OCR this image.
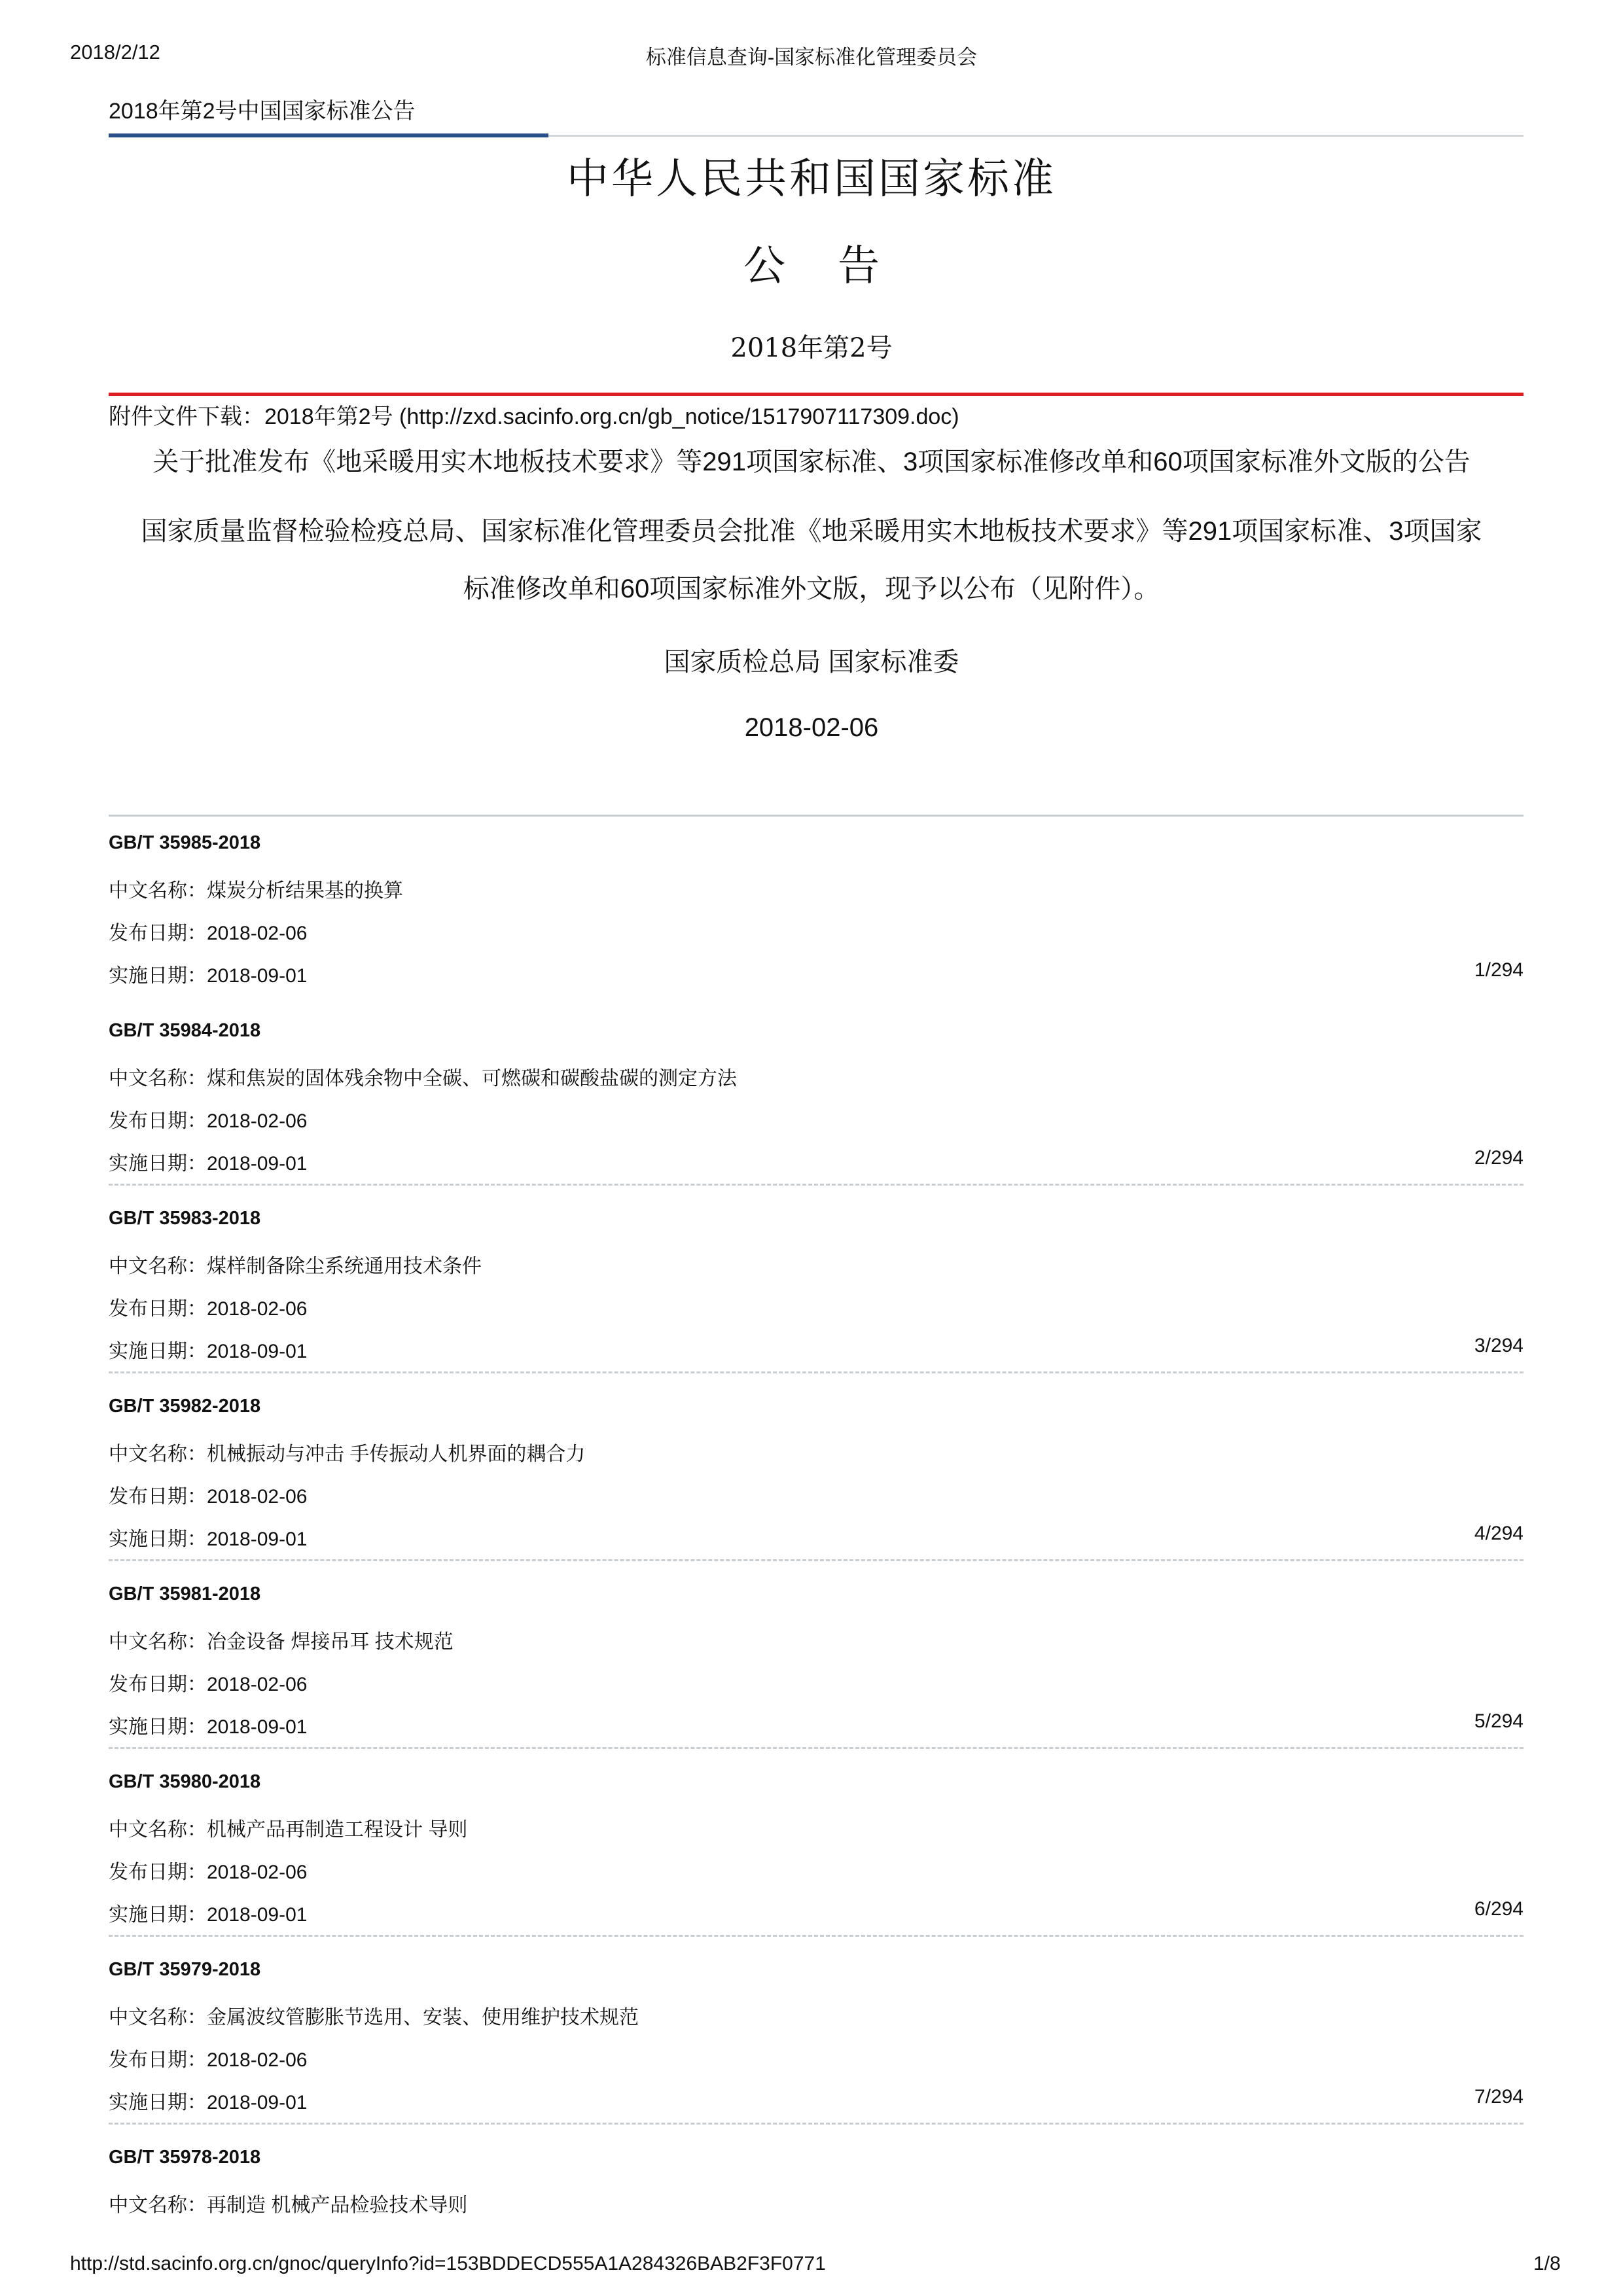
2018/2/12	标准信息查询-国家标准化管理委员会
2018年第2号中国国家标准公告
中华人民共和国国家标准
公 告
2018年第2号
附件文件下载：2018年第2号 (http://zxd.sacinfo.org.cn/gb_notice/1517907117309.doc)
关于批准发布《地采暖用实木地板技术要求》等291项国家标准、3项国家标准修改单和60项国家标准外文版的公告
国家质量监督检验检疫总局、国家标准化管理委员会批准《地采暖用实木地板技术要求》等291项国家标准、3项国家
标准修改单和60项国家标准外文版，现予以公布（见附件）。
国家质检总局 国家标准委
2018-02-06
GB/T 35985-2018
中文名称：煤炭分析结果基的换算
发布日期：2018-02-06
实施日期：2018-09-01	1/294
GB/T 35984-2018
中文名称：煤和焦炭的固体残余物中全碳、可燃碳和碳酸盐碳的测定方法
发布日期：2018-02-06
实施日期：2018-09-01	2/294
GB/T 35983-2018
中文名称：煤样制备除尘系统通用技术条件
发布日期：2018-02-06
实施日期：2018-09-01	3/294
GB/T 35982-2018
中文名称：机械振动与冲击 手传振动人机界面的耦合力
发布日期：2018-02-06
实施日期：2018-09-01	4/294
GB/T 35981-2018
中文名称：冶金设备 焊接吊耳 技术规范
发布日期：2018-02-06
实施日期：2018-09-01	5/294
GB/T 35980-2018
中文名称：机械产品再制造工程设计 导则
发布日期：2018-02-06
实施日期：2018-09-01	6/294
GB/T 35979-2018
中文名称：金属波纹管膨胀节选用、安装、使用维护技术规范
发布日期：2018-02-06
实施日期：2018-09-01	7/294
GB/T 35978-2018
中文名称：再制造 机械产品检验技术导则
http://std.sacinfo.org.cn/gnoc/queryInfo?id=153BDDECD555A1A284326BAB2F3F0771	1/8
